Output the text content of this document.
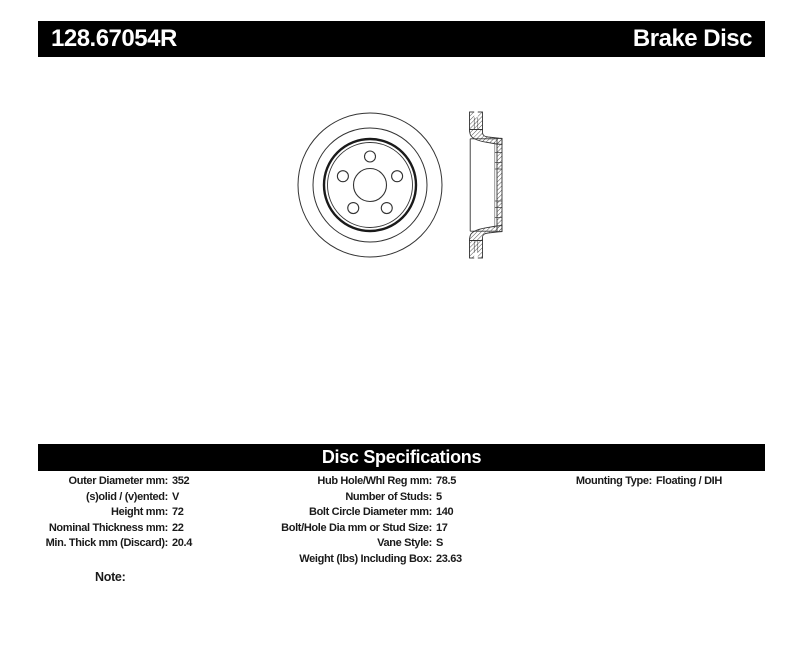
128.67054R	Brake Disc
Disc Specifications
Outer Diameter mm: 352
(s)olid / (v)ented: V
Height mm: 72
Nominal Thickness mm: 22
Min. Thick mm (Discard): 20.4
Hub Hole/Whl Reg mm: 78.5
Number of Studs: 5
Bolt Circle Diameter mm: 140
Bolt/Hole Dia mm or Stud Size: 17
Vane Style: S
Weight (lbs) Including Box: 23.63
Mounting Type: Floating / DIH
Note:
